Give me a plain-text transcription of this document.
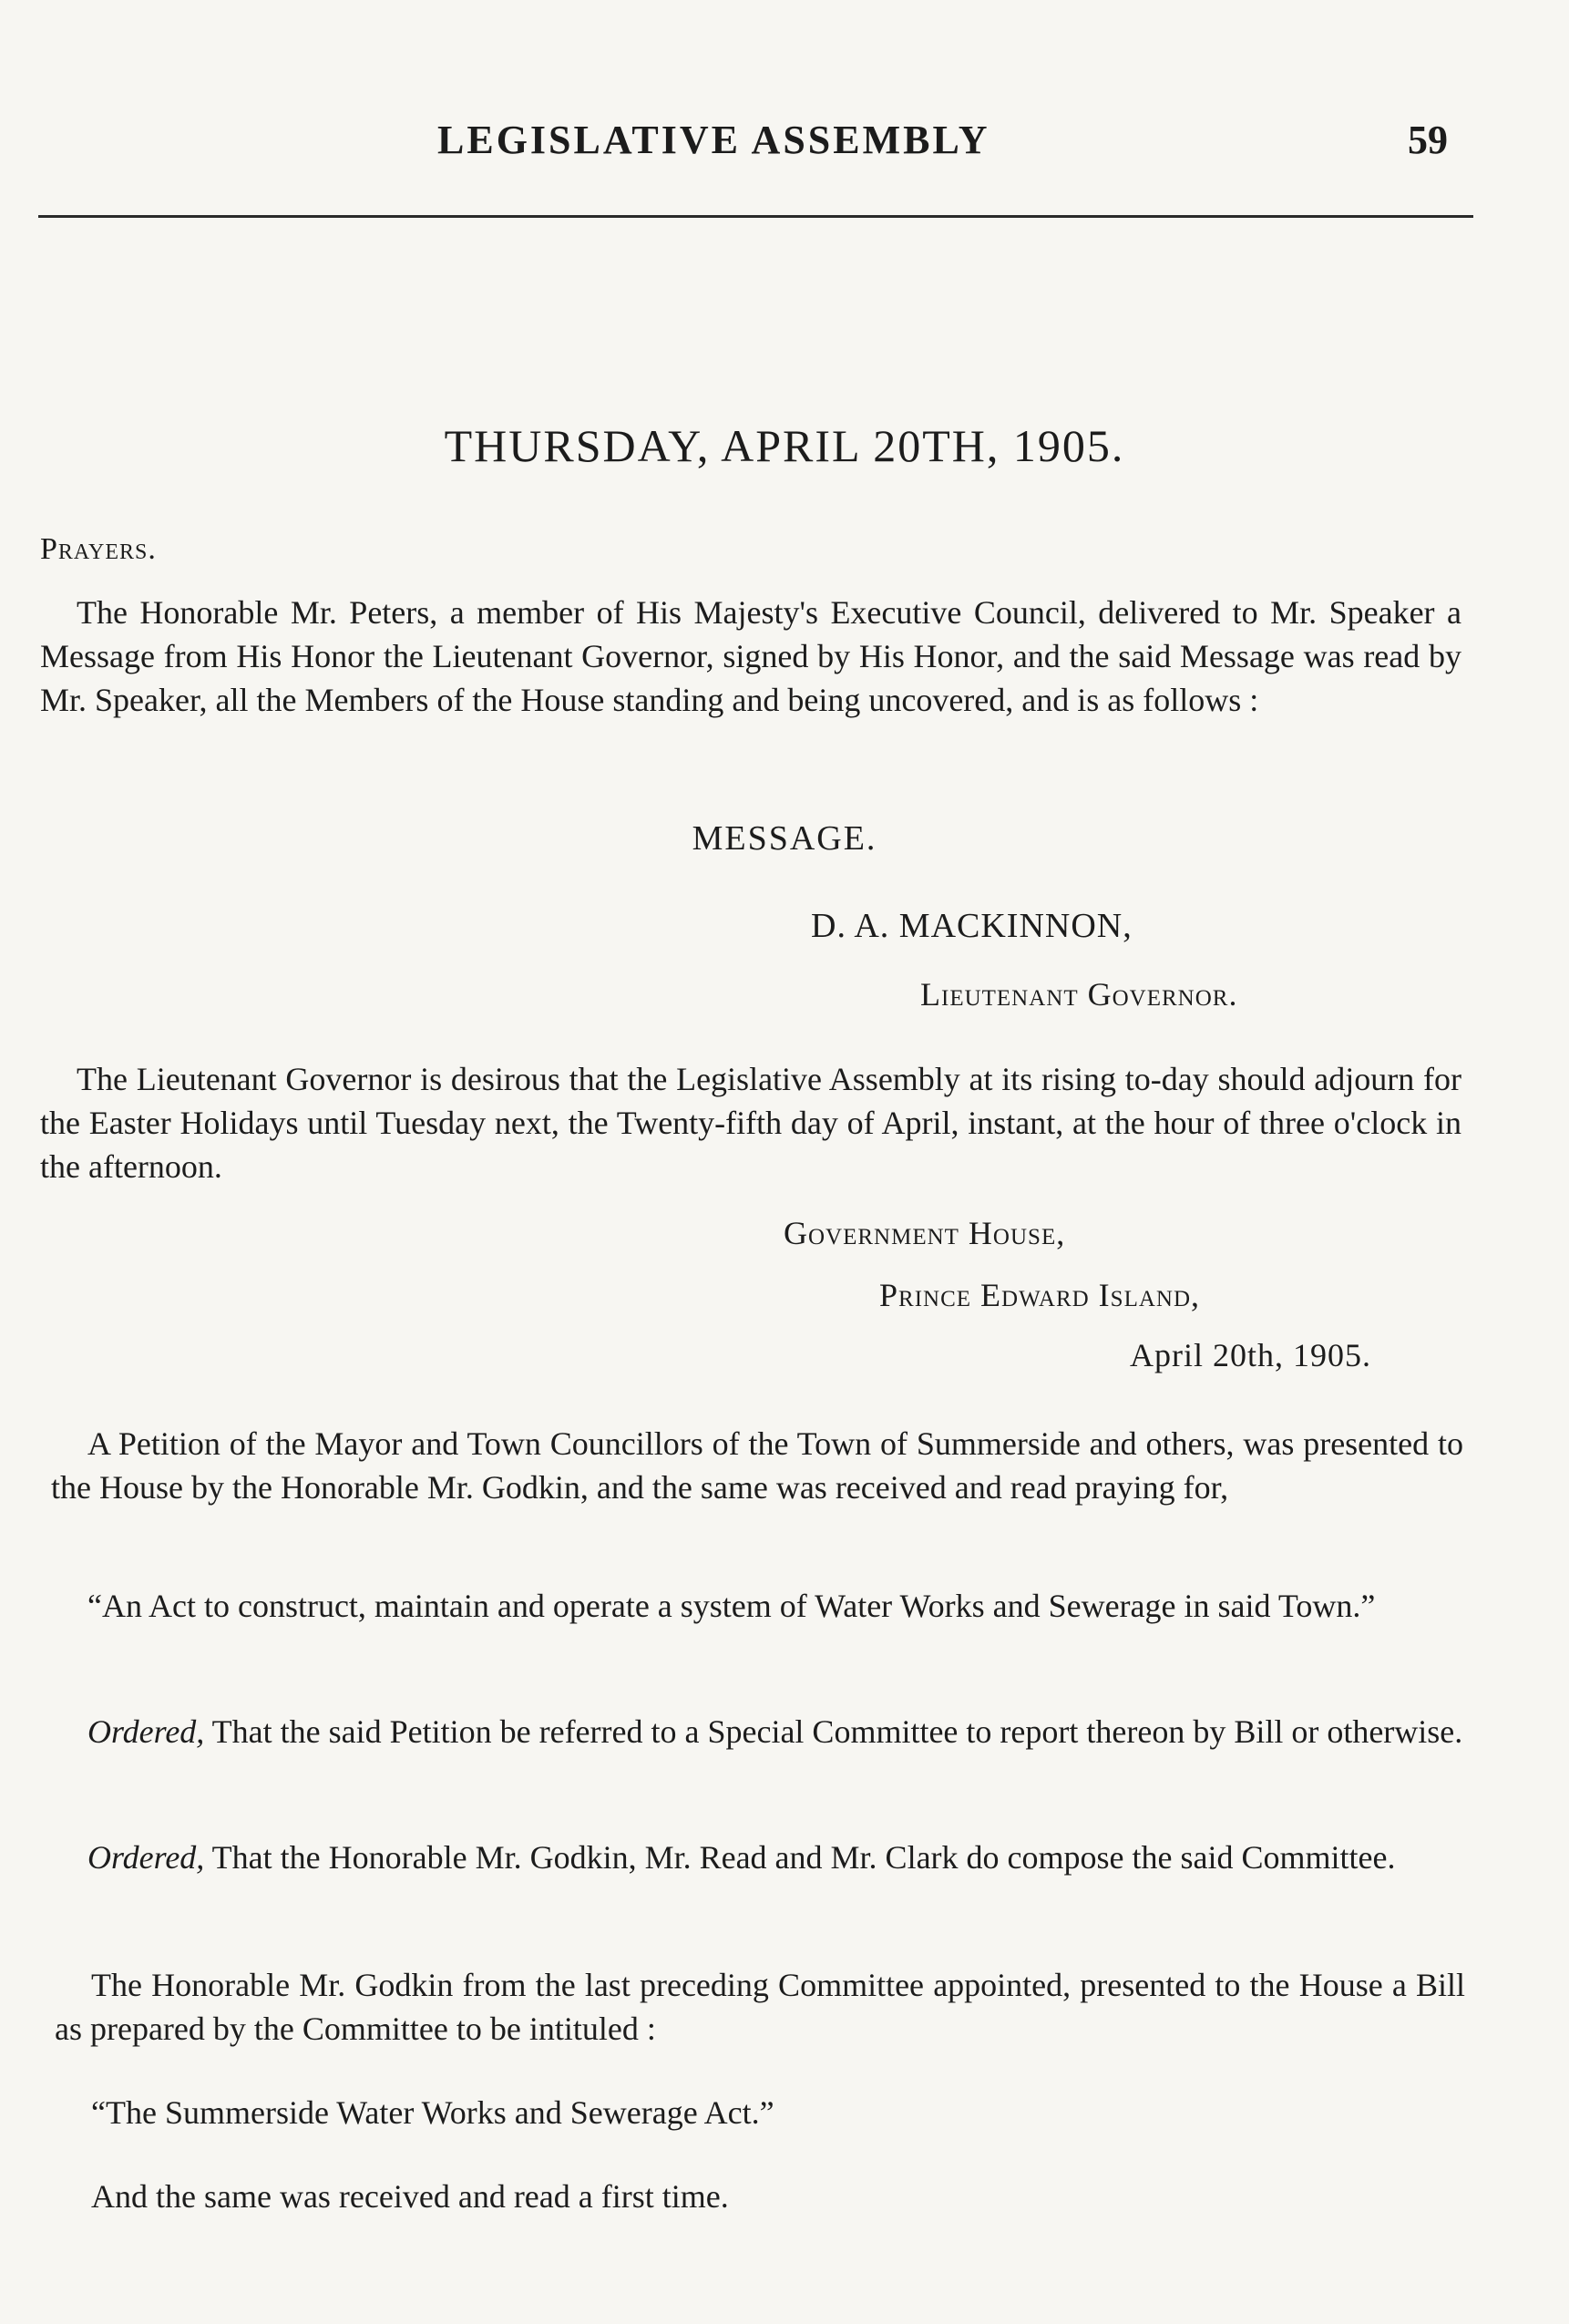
LEGISLATIVE ASSEMBLY	59
THURSDAY, APRIL 20TH, 1905.
Prayers.

The Honorable Mr. Peters, a member of His Majesty's Executive Council, delivered to Mr. Speaker a Message from His Honor the Lieutenant Governor, signed by His Honor, and the said Message was read by Mr. Speaker, all the Members of the House standing and being uncovered, and is as follows :

MESSAGE.
D. A. MACKINNON,
Lieutenant Governor.

The Lieutenant Governor is desirous that the Legislative Assembly at its rising to-day should adjourn for the Easter Holidays until Tuesday next, the Twenty-fifth day of April, instant, at the hour of three o'clock in the afternoon.

Government House,
Prince Edward Island,
April 20th, 1905.

A Petition of the Mayor and Town Councillors of the Town of Summerside and others, was presented to the House by the Honorable Mr. Godkin, and the same was received and read praying for,

“An Act to construct, maintain and operate a system of Water Works and Sewerage in said Town.”

Ordered, That the said Petition be referred to a Special Committee to report thereon by Bill or otherwise.

Ordered, That the Honorable Mr. Godkin, Mr. Read and Mr. Clark do compose the said Committee.

The Honorable Mr. Godkin from the last preceding Committee appointed, presented to the House a Bill as prepared by the Committee to be intituled :

“The Summerside Water Works and Sewerage Act.”

And the same was received and read a first time.
